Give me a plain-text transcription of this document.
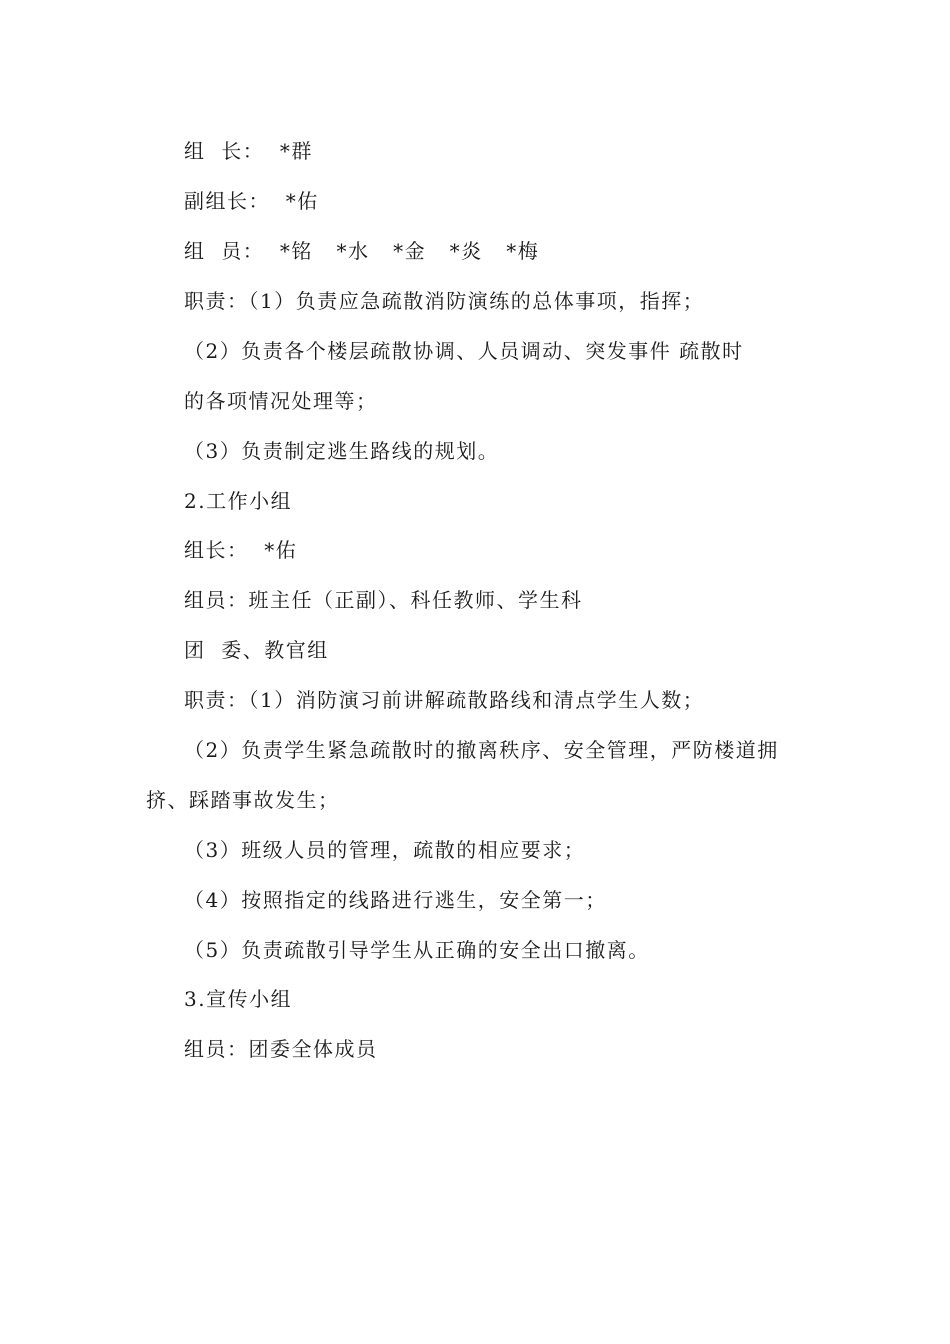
组  长：  *群
副组长：  *佑
组  员：  *铭   *水   *金   *炎   *梅
职责：（1）负责应急疏散消防演练的总体事项，指挥；
（2）负责各个楼层疏散协调、人员调动、突发事件 疏散时
的各项情况处理等；
（3）负责制定逃生路线的规划。
2.工作小组
组长：  *佑
组员：班主任（正副）、科任教师、学生科
团  委、教官组
职责：（1）消防演习前讲解疏散路线和清点学生人数；
（2）负责学生紧急疏散时的撤离秩序、安全管理，严防楼道拥
挤、踩踏事故发生；
（3）班级人员的管理，疏散的相应要求；
（4）按照指定的线路进行逃生，安全第一；
（5）负责疏散引导学生从正确的安全出口撤离。
3.宣传小组
组员：团委全体成员
